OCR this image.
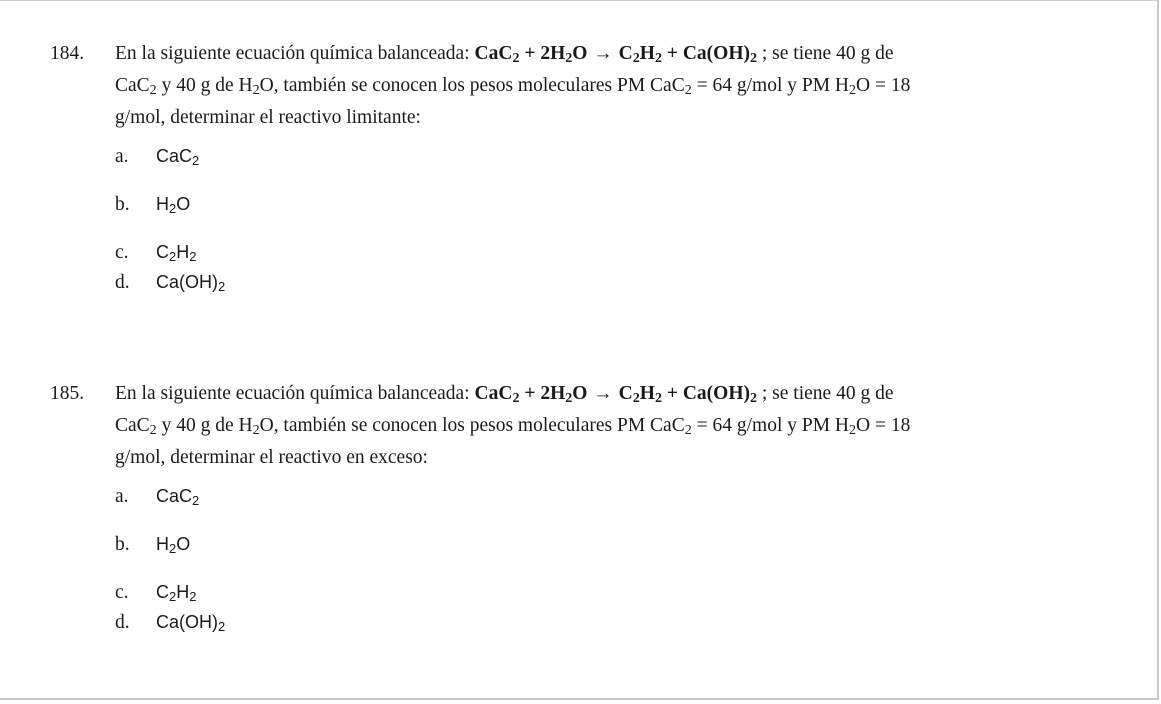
184. En la siguiente ecuación química balanceada: $CaC_2 + 2H_2O \to C_2H_2 + Ca(OH)_2$ ; se tiene 40 g de
CaC$_2$ y 40 g de $H_2O$, también se conocen los pesos moleculares PM CaC$_2$ = 64 g/mol y PM $H_2O = 18$
g/mol, determinar el reactivo limitante:
a. CaC$_2$
b. $H_2O$
c. $C_2H_2$
d. $Ca(OH)_2$
185. En la siguiente ecuación química balanceada: $CaC_2 + 2H_2O \to C_2H_2 + Ca(OH)_2$ ; se tiene 40 g de
CaC$_2$ y 40 g de $H_2O$, también se conocen los pesos moleculares PM CaC$_2$ = 64 g/mol y PM $H_2O = 18$
g/mol, determinar el reactivo en exceso:
a. CaC$_2$
b. $H_2O$
c. $C_2H_2$
d. $Ca(OH)_2$
